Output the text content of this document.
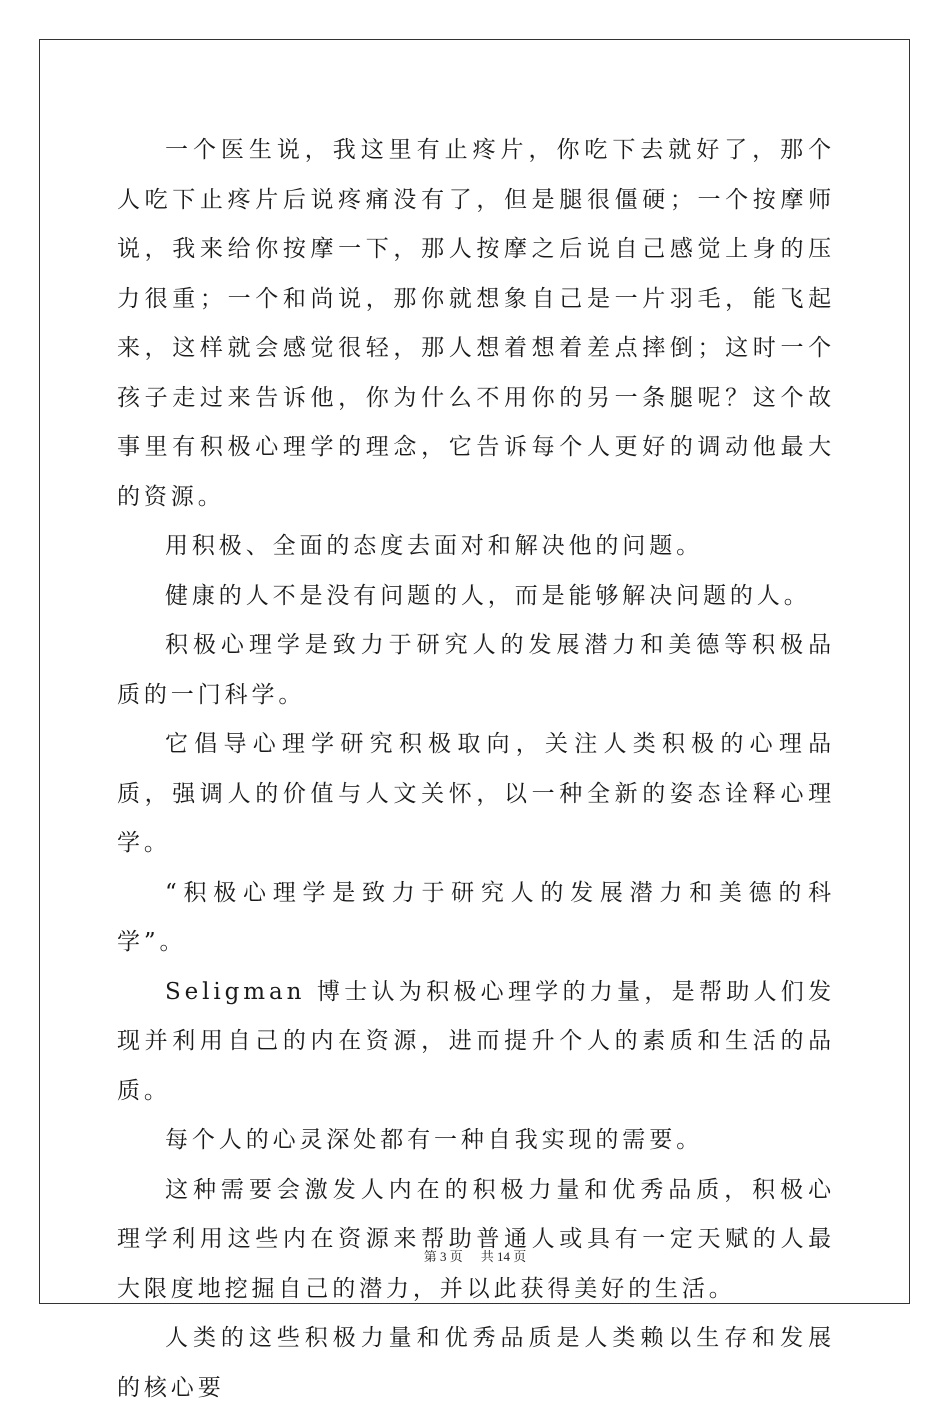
一个医生说，我这里有止疼片，你吃下去就好了，那个人吃下止疼片后说疼痛没有了，但是腿很僵硬；一个按摩师说，我来给你按摩一下，那人按摩之后说自己感觉上身的压力很重；一个和尚说，那你就想象自己是一片羽毛，能飞起来，这样就会感觉很轻，那人想着想着差点摔倒；这时一个孩子走过来告诉他，你为什么不用你的另一条腿呢？这个故事里有积极心理学的理念，它告诉每个人更好的调动他最大的资源。

用积极、全面的态度去面对和解决他的问题。

健康的人不是没有问题的人，而是能够解决问题的人。

积极心理学是致力于研究人的发展潜力和美德等积极品质的一门科学。

它倡导心理学研究积极取向，关注人类积极的心理品质，强调人的价值与人文关怀，以一种全新的姿态诠释心理学。

“积极心理学是致力于研究人的发展潜力和美德的科学”。

Seligman 博士认为积极心理学的力量，是帮助人们发现并利用自己的内在资源，进而提升个人的素质和生活的品质。

每个人的心灵深处都有一种自我实现的需要。

这种需要会激发人内在的积极力量和优秀品质，积极心理学利用这些内在资源来帮助普通人或具有一定天赋的人最大限度地挖掘自己的潜力，并以此获得美好的生活。

人类的这些积极力量和优秀品质是人类赖以生存和发展的核心要

第 3 页 共 14 页
